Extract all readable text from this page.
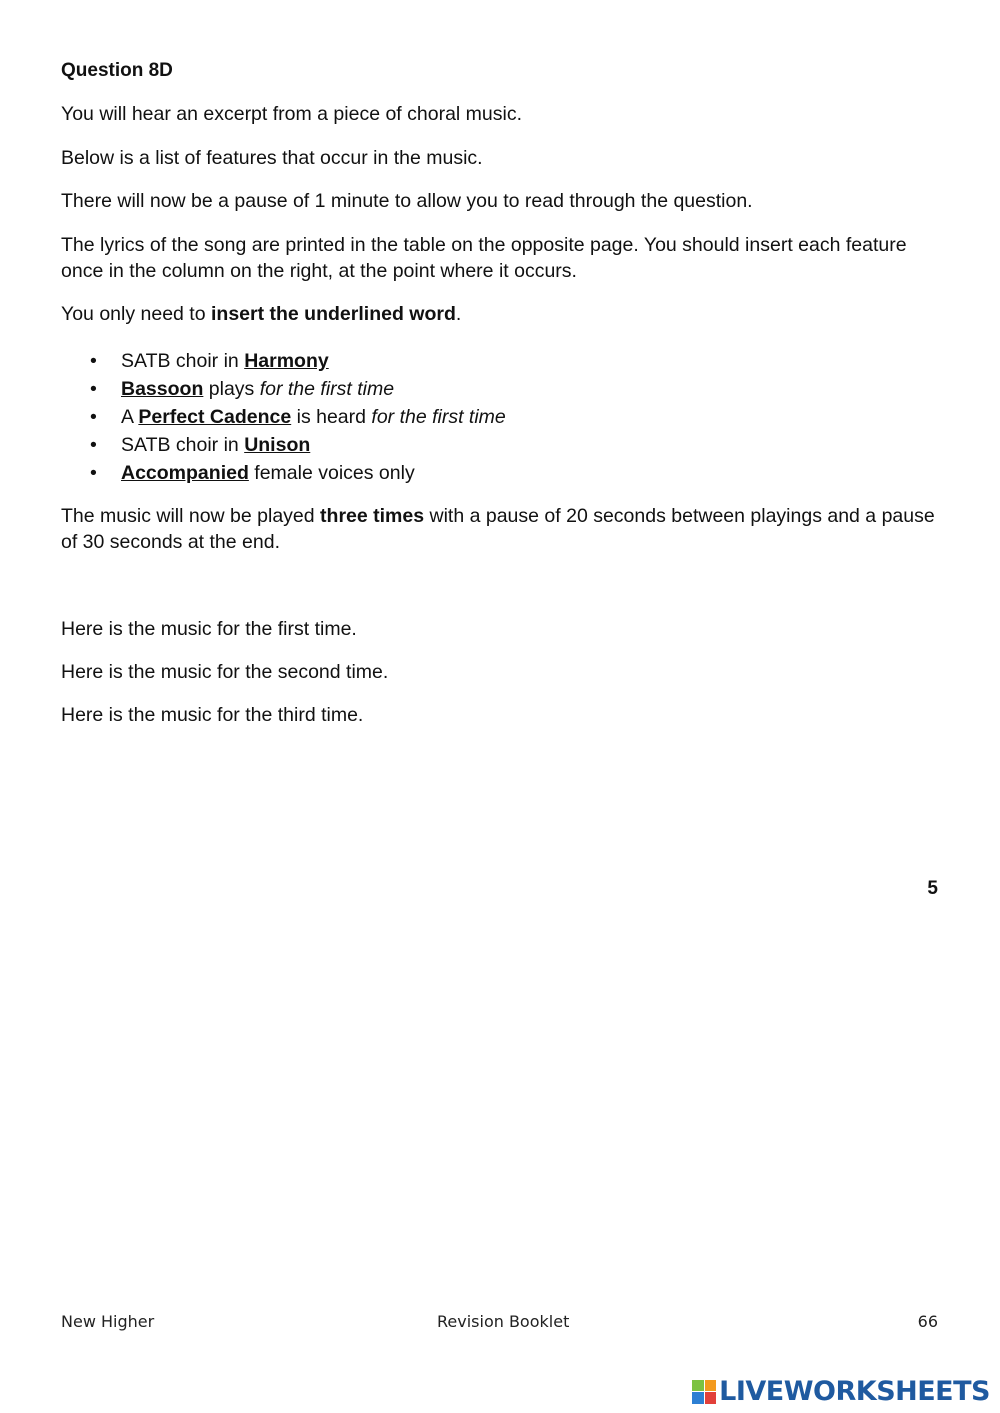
Question 8D

You will hear an excerpt from a piece of choral music.

Below is a list of features that occur in the music.

There will now be a pause of 1 minute to allow you to read through the question.

The lyrics of the song are printed in the table on the opposite page. You should insert each feature once in the column on the right, at the point where it occurs.

You only need to insert the underlined word.

• SATB choir in Harmony
• Bassoon plays for the first time
• A Perfect Cadence is heard for the first time
• SATB choir in Unison
• Accompanied female voices only

The music will now be played three times with a pause of 20 seconds between playings and a pause of 30 seconds at the end.

Here is the music for the first time.

Here is the music for the second time.

Here is the music for the third time.

5
New Higher	Revision Booklet	66
LIVEWORKSHEETS
